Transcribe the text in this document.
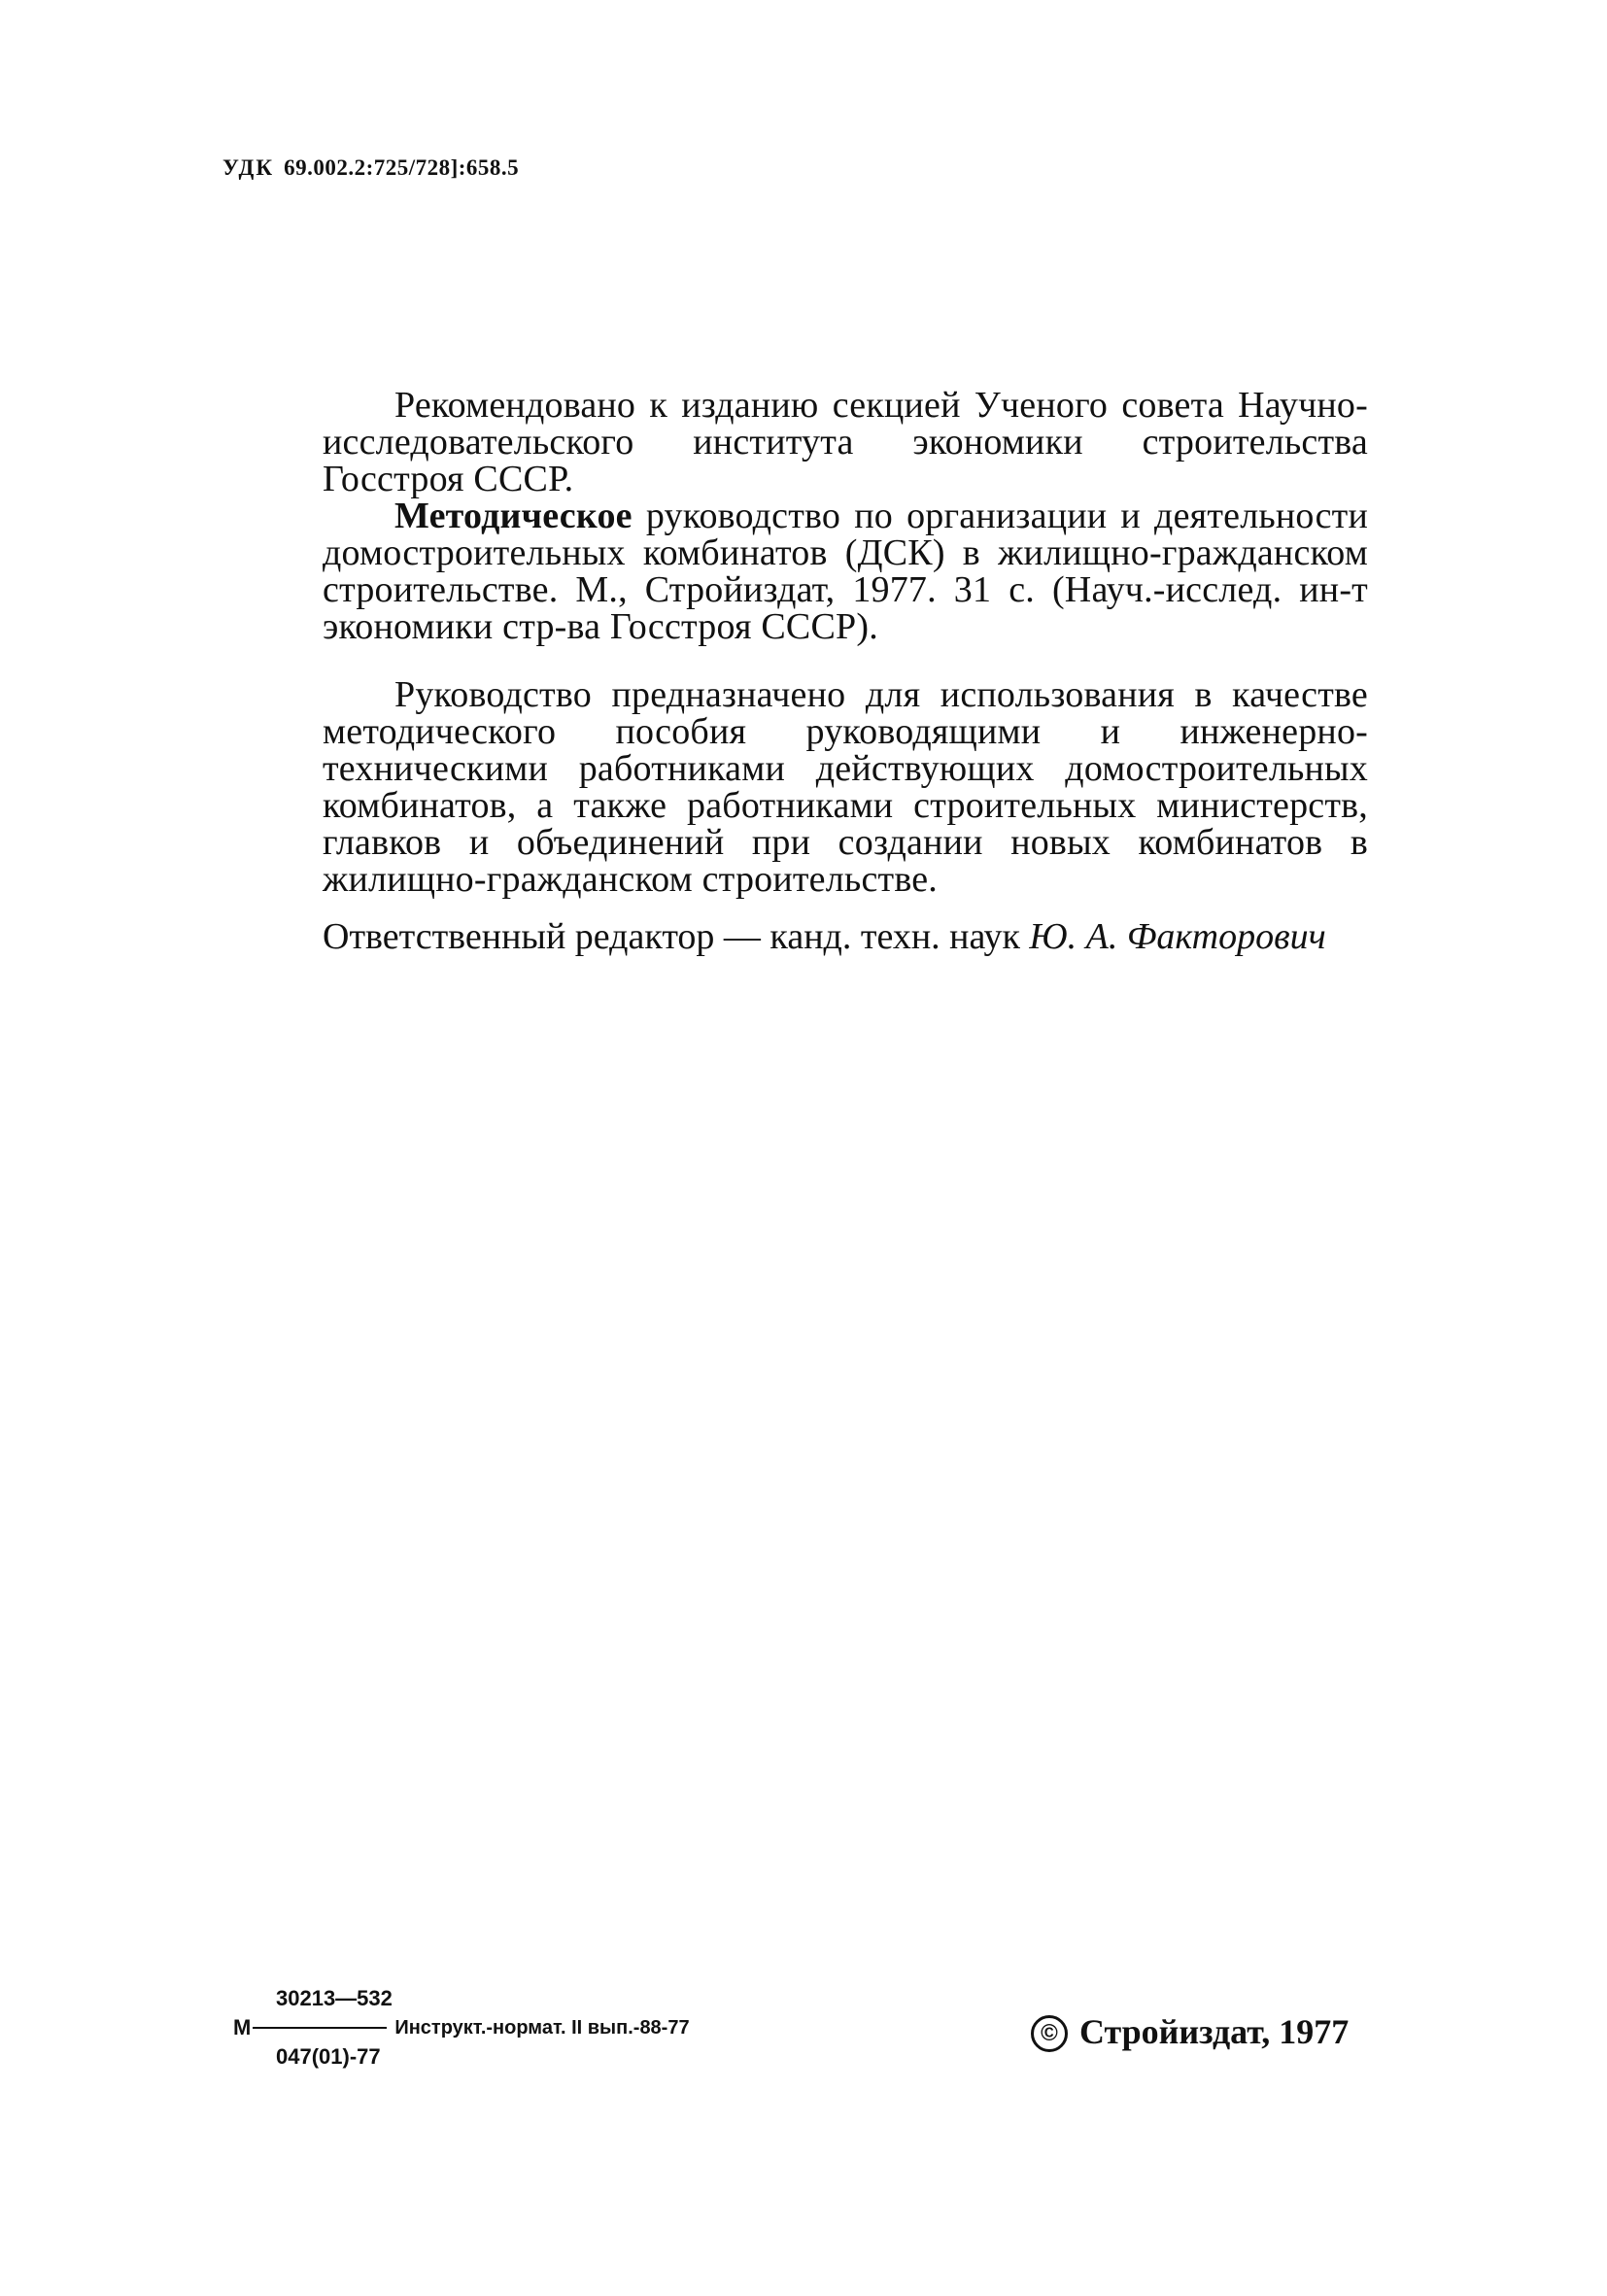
УДК 69.002.2:725/728]:658.5

Рекомендовано к изданию секцией Ученого совета Научно-исследовательского института экономики строительства Госстроя СССР.

Методическое руководство по организации и деятельности домостроительных комбинатов (ДСК) в жилищно-гражданском строительстве. М., Стройиздат, 1977. 31 с. (Науч.-исслед. ин-т экономики стр-ва Госстроя СССР).

Руководство предназначено для использования в качестве методического пособия руководящими и инженерно-техническими работниками действующих домостроительных комбинатов, а также работниками строительных министерств, главков и объединений при создании новых комбинатов в жилищно-гражданском строительстве.

Ответственный редактор — канд. техн. наук Ю. А. Факторович
30213—532
М	Инструкт.-нормат. II вып.-88-77
047(01)-77
© Стройиздат, 1977
